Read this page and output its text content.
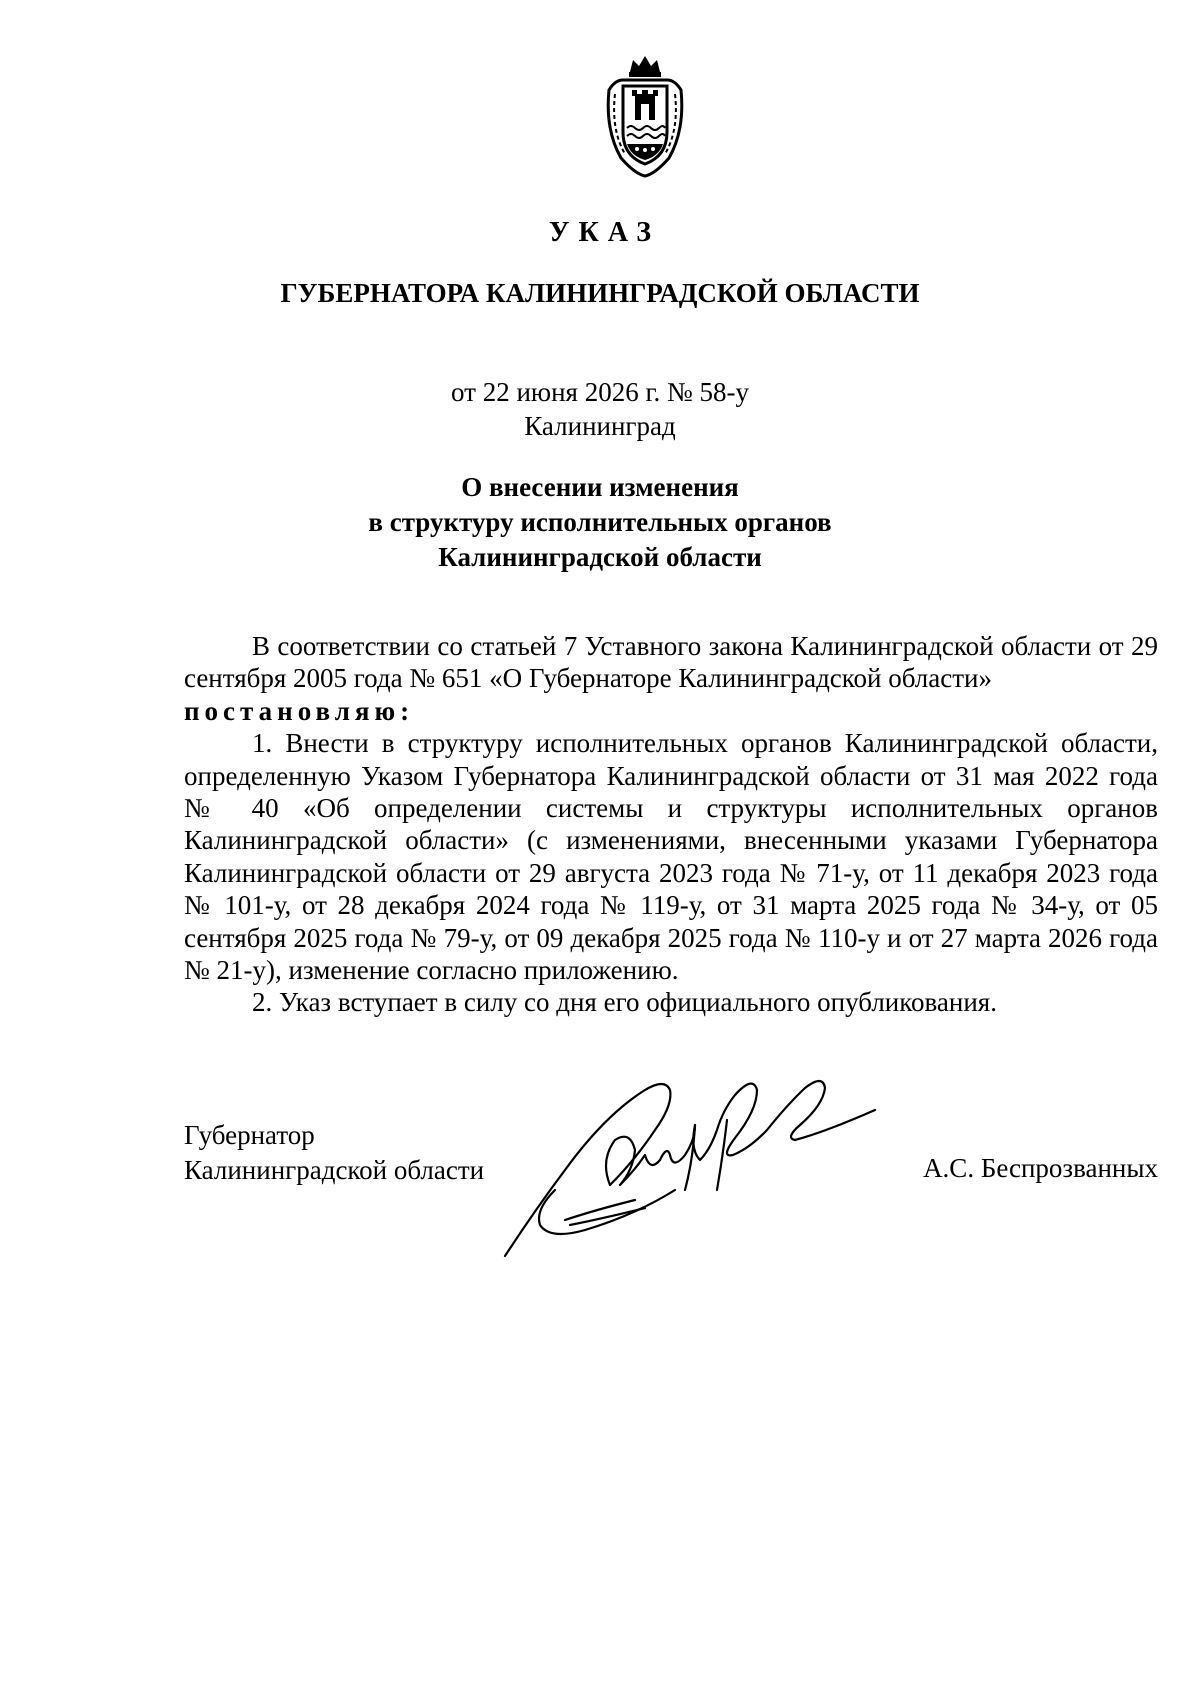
УКАЗ
ГУБЕРНАТОРА КАЛИНИНГРАДСКОЙ ОБЛАСТИ
от 22 июня 2026 г. № 58-у
Калининград
О внесении изменения
в структуру исполнительных органов
Калининградской области

В соответствии со статьей 7 Уставного закона Калининградской области от 29 сентября 2005 года № 651 «О Губернаторе Калининградской области»

постановляю:

1. Внести в структуру исполнительных органов Калининградской области, определенную Указом Губернатора Калининградской области от 31 мая 2022 года № 40 «Об определении системы и структуры исполнительных органов Калининградской области» (с изменениями, внесенными указами Губернатора Калининградской области от 29 августа 2023 года № 71-у, от 11 декабря 2023 года № 101-у, от 28 декабря 2024 года № 119-у, от 31 марта 2025 года № 34-у, от 05 сентября 2025 года № 79-у, от 09 декабря 2025 года № 110-у и от 27 марта 2026 года № 21-у), изменение согласно приложению.

2. Указ вступает в силу со дня его официального опубликования.

Губернатор
Калининградской области	А.С. Беспрозванных
